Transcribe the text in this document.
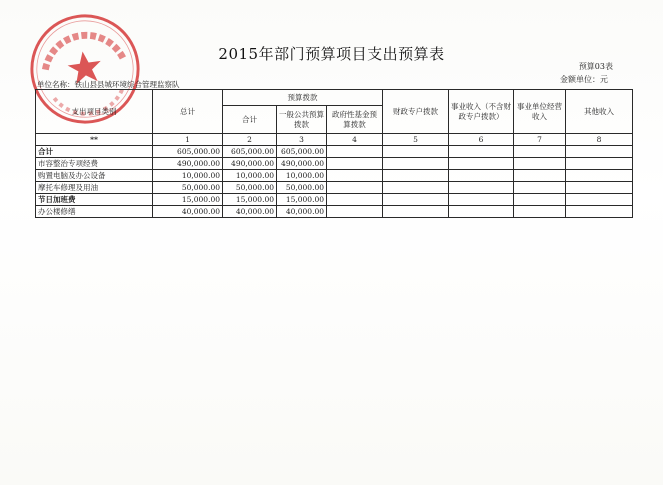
2015年部门预算项目支出预算表
预算03表
金额单位：元
单位名称：铁山县县城环境综合管理监察队
支出项目类别	总计	预算拨款			财政专户拨款	事业收入（不含财政专户拨款）	事业单位经营收入	其他收入
		合计	一般公共预算拨款	政府性基金预算拨款				
**	1	2	3	4	5	6	7	8
合计	605,000.00	605,000.00	605,000.00					
市容整治专项经费	490,000.00	490,000.00	490,000.00					
购置电脑及办公设备	10,000.00	10,000.00	10,000.00					
摩托车修理及用油	50,000.00	50,000.00	50,000.00					
节日加班费	15,000.00	15,000.00	15,000.00					
办公楼修缮	40,000.00	40,000.00	40,000.00					
